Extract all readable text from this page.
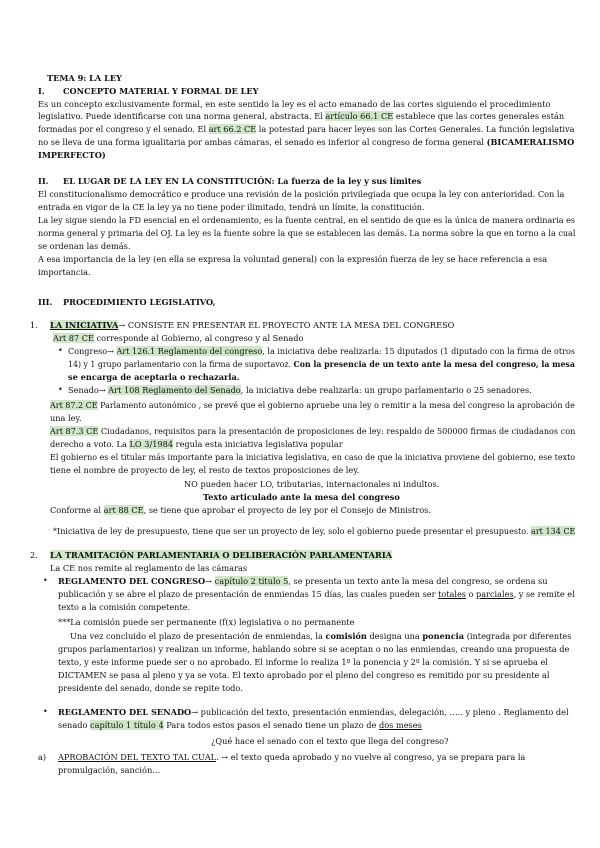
TEMA 9: LA LEY
I. CONCEPTO MATERIAL Y FORMAL DE LEY
Es un concepto exclusivamente formal, en este sentido la ley es el acto emanado de las cortes siguiendo el procedimiento
legislativo. Puede identificarse con una norma general, abstracta. El artículo 66.1 CE establece que las cortes generales están
formadas por el congreso y el senado. El art 66.2 CE la potestad para hacer leyes son las Cortes Generales. La función legislativa
no se lleva de una forma igualitaria por ambas cámaras, el senado es inferior al congreso de forma general (BICAMERALISMO
IMPERFECTO)
II. EL LUGAR DE LA LEY EN LA CONSTITUCIÓN: La fuerza de la ley y sus límites
El constitucionalismo democrático e produce una revisión de la posición privilegiada que ocupa la ley con anterioridad. Con la
entrada en vigor de la CE la ley ya no tiene poder ilimitado, tendrá un límite, la constitución.
La ley sigue siendo la FD esencial en el ordenamiento, es la fuente central, en el sentido de que es la única de manera ordinaria es
norma general y primaria del OJ. La ley es la fuente sobre la que se establecen las demás. La norma sobre la que en torno a la cual
se ordenan las demás.
A esa importancia de la ley (en ella se expresa la voluntad general) con la expresión fuerza de ley se hace referencia a esa
importancia.
III. PROCEDIMIENTO LEGISLATIVO,
1. LA INICIATIVA→ CONSISTE EN PRESENTAR EL PROYECTO ANTE LA MESA DEL CONGRESO
Art 87 CE corresponde al Gobierno, al congreso y al Senado
• Congreso→ Art 126.1 Reglamento del congreso, la iniciativa debe realizarla: 15 diputados (1 diputado con la firma de otros
14) y 1 grupo parlamentario con la firma de suportavoz. Con la presencia de un texto ante la mesa del congreso, la mesa
se encarga de aceptarla o rechazarla.
• Senado→ Art 108 Reglamento del Senado, la iniciativa debe realizarla: un grupo parlamentario o 25 senadores.
Art 87.2 CE Parlamento autonómico , se prevé que el gobierno apruebe una ley o remitir a la mesa del congreso la aprobación de
una ley.
Art 87.3 CE Ciudadanos, requisitos para la presentación de proposiciones de ley: respaldo de 500000 firmas de ciudadanos con
derecho a voto. La LO 3/1984 regula esta iniciativa legislativa popular
El gobierno es el titular más importante para la iniciativa legislativa, en caso de que la iniciativa proviene del gobierno, ese texto
tiene el nombre de proyecto de ley, el resto de textos proposiciones de ley.
NO pueden hacer LO, tributarias, internacionales ni indultos.
Texto articulado ante la mesa del congreso
Conforme al art 88 CE, se tiene que aprobar el proyecto de ley por el Consejo de Ministros.
*Iniciativa de ley de presupuesto, tiene que ser un proyecto de ley, solo el gobierno puede presentar el presupuesto. art 134 CE
2. LA TRAMITACIÓN PARLAMENTARIA O DELIBERACIÓN PARLAMENTARIA
La CE nos remite al reglamento de las cámaras
• REGLAMENTO DEL CONGRESO→ capítulo 2 título 5, se presenta un texto ante la mesa del congreso, se ordena su
publicación y se abre el plazo de presentación de enmiendas 15 días, las cuales pueden ser totales o parciales, y se remite el
texto a la comisión competente.
***La comisión puede ser permanente (f(x) legislativa o no permanente
Una vez concluido el plazo de presentación de enmiendas, la comisión designa una ponencia (integrada por diferentes
grupos parlamentarios) y realizan un informe, hablando sobre si se aceptan o no las enmiendas, creando una propuesta de
texto, y este informe puede ser o no aprobado. El informe lo realiza 1º la ponencia y 2º la comisión. Y si se aprueba el
DICTAMEN se pasa al pleno y ya se vota. El texto aprobado por el pleno del congreso es remitido por su presidente al
presidente del senado, donde se repite todo.
• REGLAMENTO DEL SENADO→ publicación del texto, presentación enmiendas, delegación, ….. y pleno . Reglamento del
senado capítulo 1 título 4 Para todos estos pasos el senado tiene un plazo de dos meses
¿Qué hace el senado con el texto que llega del congreso?
a) APROBACIÓN DEL TEXTO TAL CUAL. → el texto queda aprobado y no vuelve al congreso, ya se prepara para la
promulgación, sanción…
